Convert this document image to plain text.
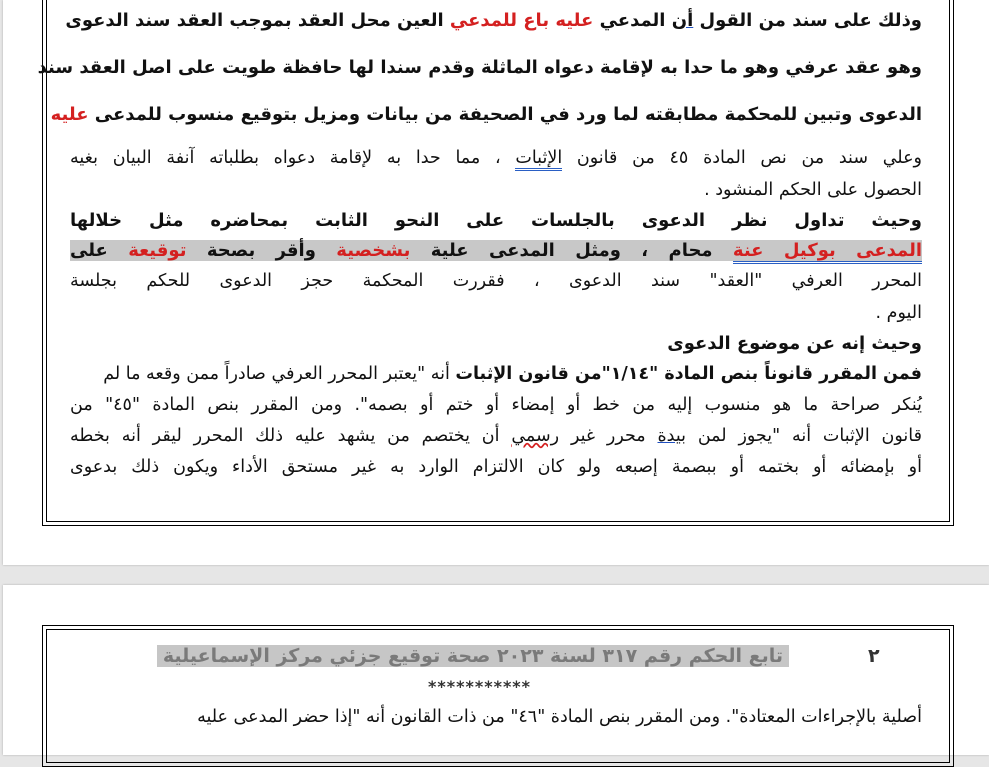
وذلك على سند من القول أن المدعي عليه باع للمدعي العين محل العقد بموجب العقد سند الدعوى
وهو عقد عرفي وهو ما حدا به لإقامة دعواه الماثلة وقدم سندا لها حافظة طويت على اصل العقد سند
الدعوى وتبين للمحكمة مطابقته لما ورد في الصحيفة من بيانات ومزيل بتوقيع منسوب للمدعى عليه
وعلي سند من نص المادة ٤٥ من قانون الإثبات ، مما حدا به لإقامة دعواه بطلباته آنفة البيان بغيه
الحصول على الحكم المنشود .
وحيث تداول نظر الدعوى بالجلسات على النحو الثابت بمحاضره مثل خلالها
المدعى بوكيل عنة محام ، ومثل المدعى علية بشخصية وأقر بصحة توقيعة على
المحرر العرفي "العقد" سند الدعوى ، فقررت المحكمة حجز الدعوى للحكم بجلسة
اليوم .
وحيث إنه عن موضوع الدعوى
فمن المقرر قانوناً بنص المادة "١/١٤"من قانون الإثبات أنه "يعتبر المحرر العرفي صادراً ممن وقعه ما لم
يُنكر صراحة ما هو منسوب إليه من خط أو إمضاء أو ختم أو بصمه". ومن المقرر بنص المادة "٤٥" من
قانون الإثبات أنه "يجوز لمن بيدة محرر غير رسمي أن يختصم من يشهد عليه ذلك المحرر ليقر أنه بخطه
أو بإمضائه أو بختمه أو ببصمة إصبعه ولو كان الالتزام الوارد به غير مستحق الأداء ويكون ذلك بدعوى
٢
تابع الحكم رقم ٣١٧ لسنة ٢٠٢٣ صحة توقيع جزئي مركز الإسماعيلية
***********
أصلية بالإجراءات المعتادة". ومن المقرر بنص المادة "٤٦" من ذات القانون أنه "إذا حضر المدعى عليه
